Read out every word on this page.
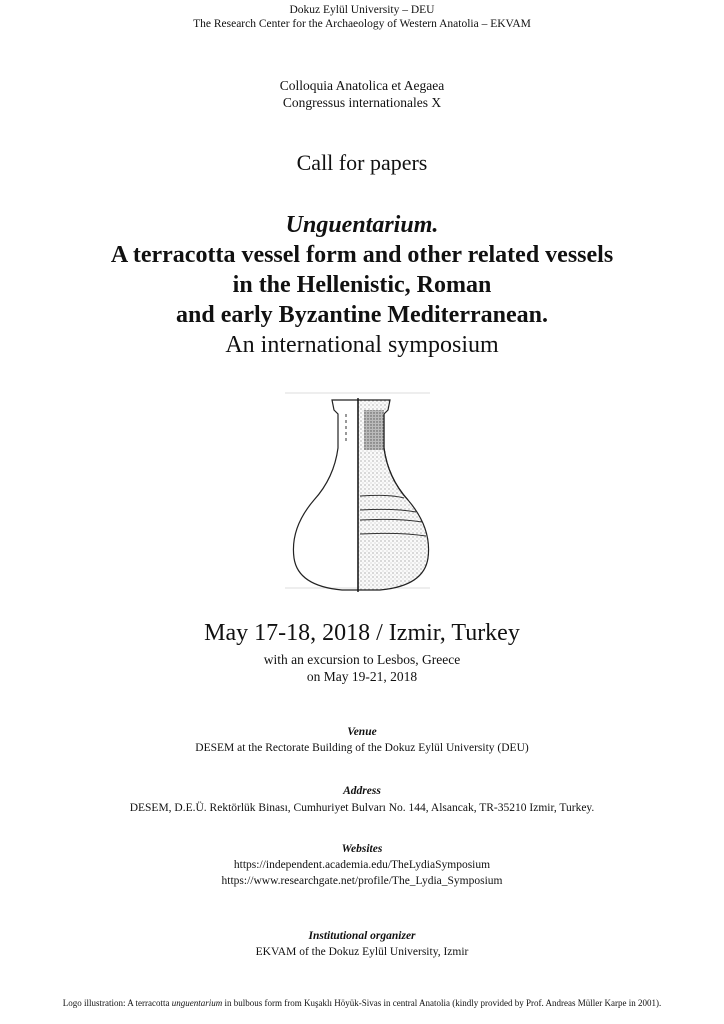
Dokuz Eylül University – DEU
The Research Center for the Archaeology of Western Anatolia – EKVAM
Colloquia Anatolica et Aegaea
Congressus internationales X
Call for papers
Unguentarium.
A terracotta vessel form and other related vessels
in the Hellenistic, Roman
and early Byzantine Mediterranean.
An international symposium
May 17-18, 2018 / Izmir, Turkey
with an excursion to Lesbos, Greece
on May 19-21, 2018
Venue
DESEM at the Rectorate Building of the Dokuz Eylül University (DEU)
Address
DESEM, D.E.Ü. Rektörlük Binası, Cumhuriyet Bulvarı No. 144, Alsancak, TR-35210 Izmir, Turkey.
Websites
https://independent.academia.edu/TheLydiaSymposium
https://www.researchgate.net/profile/The_Lydia_Symposium
Institutional organizer
EKVAM of the Dokuz Eylül University, Izmir
Logo illustration: A terracotta unguentarium in bulbous form from Kuşaklı Höyük-Sivas in central Anatolia (kindly provided by Prof. Andreas Müller Karpe in 2001).
